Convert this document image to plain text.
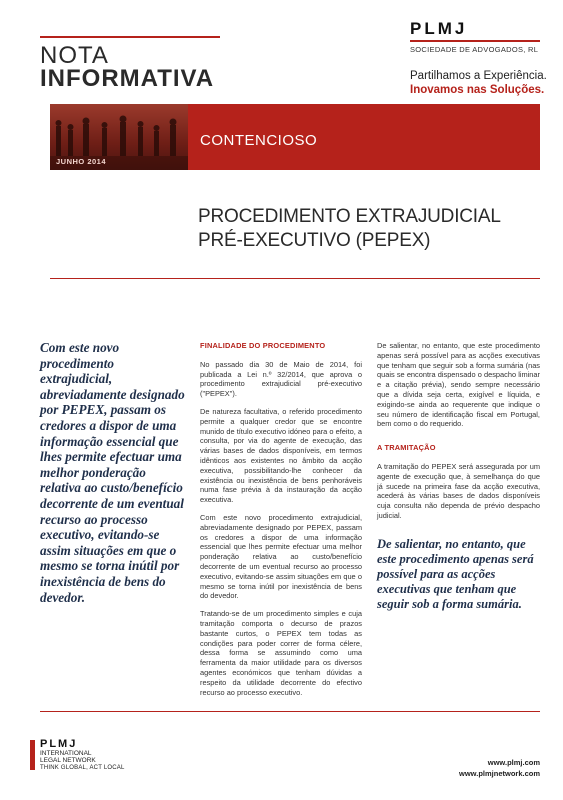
NOTA
INFORMATIVA
PLMJ
SOCIEDADE DE ADVOGADOS, RL
Partilhamos a Experiência.
Inovamos nas Soluções.
JUNHO 2014
CONTENCIOSO
PROCEDIMENTO EXTRAJUDICIAL
PRÉ-EXECUTIVO (PEPEX)
Com este novo procedimento extrajudicial, abreviadamente designado por PEPEX, passam os credores a dispor de uma informação essencial que lhes permite efectuar uma melhor ponderação relativa ao custo/benefício decorrente de um eventual recurso ao processo executivo, evitando-se assim situações em que o mesmo se torna inútil por inexistência de bens do devedor.
FINALIDADE DO PROCEDIMENTO

No passado dia 30 de Maio de 2014, foi publicada a Lei n.º 32/2014, que aprova o procedimento extrajudicial pré-executivo ("PEPEX").

De natureza facultativa, o referido procedimento permite a qualquer credor que se encontre munido de título executivo idóneo para o efeito, a consulta, por via do agente de execução, das várias bases de dados disponíveis, em termos idênticos aos existentes no âmbito da acção executiva, possibilitando-lhe conhecer da existência ou inexistência de bens penhoráveis numa fase prévia à da instauração da acção executiva.

Com este novo procedimento extrajudicial, abreviadamente designado por PEPEX, passam os credores a dispor de uma informação essencial que lhes permite efectuar uma melhor ponderação relativa ao custo/benefício decorrente de um eventual recurso ao processo executivo, evitando-se assim situações em que o mesmo se torna inútil por inexistência de bens do devedor.

Tratando-se de um procedimento simples e cuja tramitação comporta o decurso de prazos bastante curtos, o PEPEX tem todas as condições para poder correr de forma célere, dessa forma se assumindo como uma ferramenta da maior utilidade para os diversos agentes económicos que tenham dúvidas a respeito da utilidade decorrente do efectivo recurso ao processo executivo.

De salientar, no entanto, que este procedimento apenas será possível para as acções executivas que tenham que seguir sob a forma sumária (nas quais se encontra dispensado o despacho liminar e a citação prévia), sendo sempre necessário que a dívida seja certa, exigível e líquida, e exigindo-se ainda ao requerente que indique o seu número de identificação fiscal em Portugal, bem como o do requerido.

A TRAMITAÇÃO

A tramitação do PEPEX será assegurada por um agente de execução que, à semelhança do que já sucede na primeira fase da acção executiva, acederá às várias bases de dados disponíveis cuja consulta não dependa de prévio despacho judicial.

De salientar, no entanto, que este procedimento apenas será possível para as acções executivas que tenham que seguir sob a forma sumária.
PLMJ
INTERNATIONAL
LEGAL NETWORK
THINK GLOBAL, ACT LOCAL
www.plmj.com
www.plmjnetwork.com
